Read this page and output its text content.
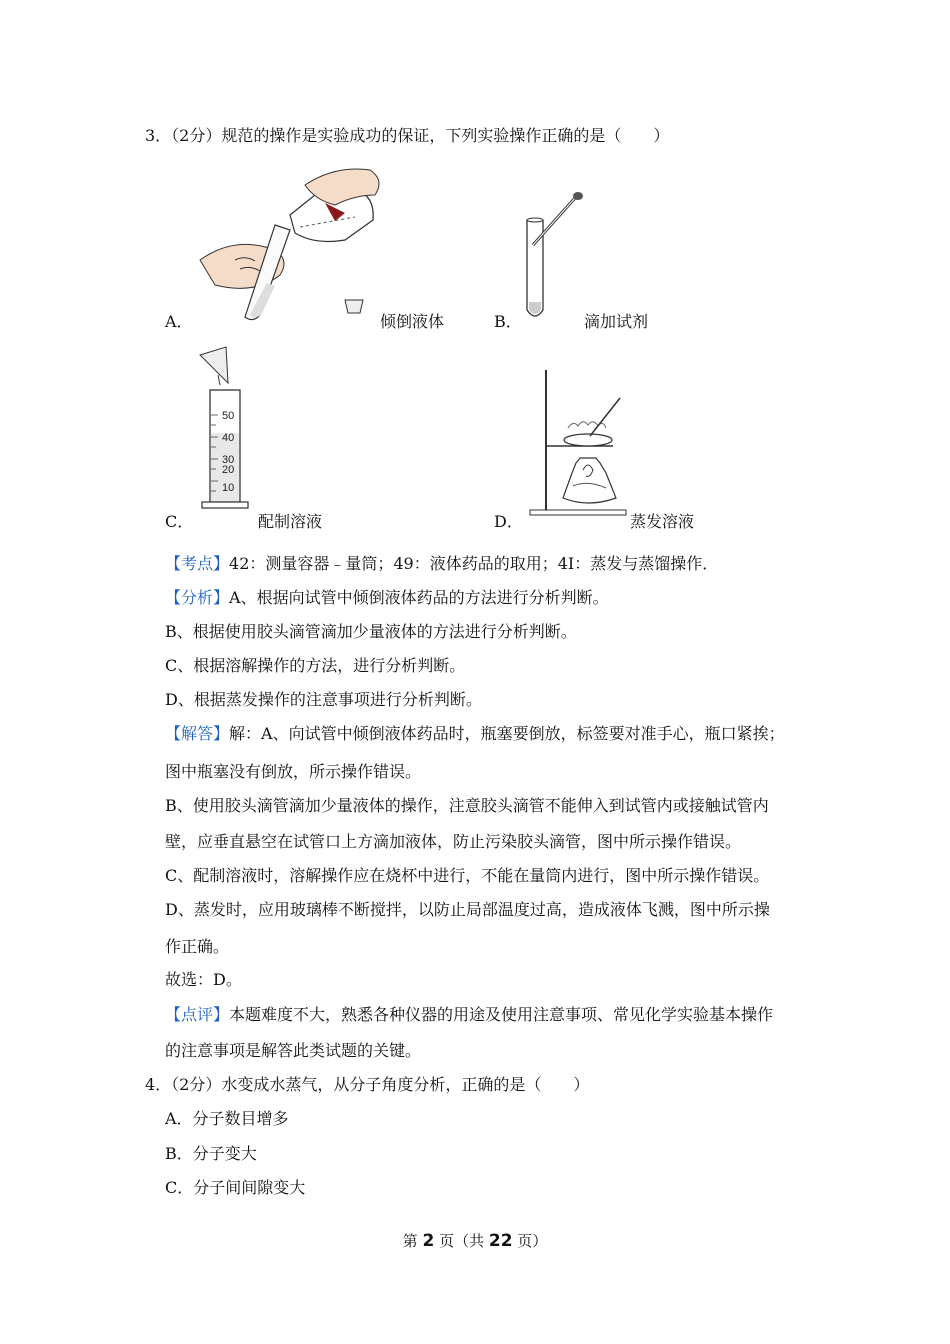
3．（2分）规范的操作是实验成功的保证，下列实验操作正确的是（　　）
A．	倾倒液体	B．	滴加试剂
50
40
30
20
10
C．	配制溶液	D．	蒸发溶液
【考点】42：测量容器﹣量筒；49：液体药品的取用；4I：蒸发与蒸馏操作．
【分析】A、根据向试管中倾倒液体药品的方法进行分析判断。
B、根据使用胶头滴管滴加少量液体的方法进行分析判断。
C、根据溶解操作的方法，进行分析判断。
D、根据蒸发操作的注意事项进行分析判断。
【解答】解：A、向试管中倾倒液体药品时，瓶塞要倒放，标签要对准手心，瓶口紧挨；
图中瓶塞没有倒放，所示操作错误。
B、使用胶头滴管滴加少量液体的操作，注意胶头滴管不能伸入到试管内或接触试管内
壁，应垂直悬空在试管口上方滴加液体，防止污染胶头滴管，图中所示操作错误。
C、配制溶液时，溶解操作应在烧杯中进行，不能在量筒内进行，图中所示操作错误。
D、蒸发时，应用玻璃棒不断搅拌，以防止局部温度过高，造成液体飞溅，图中所示操
作正确。
故选：D。
【点评】本题难度不大，熟悉各种仪器的用途及使用注意事项、常见化学实验基本操作
的注意事项是解答此类试题的关键。
4．（2分）水变成水蒸气，从分子角度分析，正确的是（　　）
A．分子数目增多
B．分子变大
C．分子间间隙变大
第 2 页（共 22 页）
